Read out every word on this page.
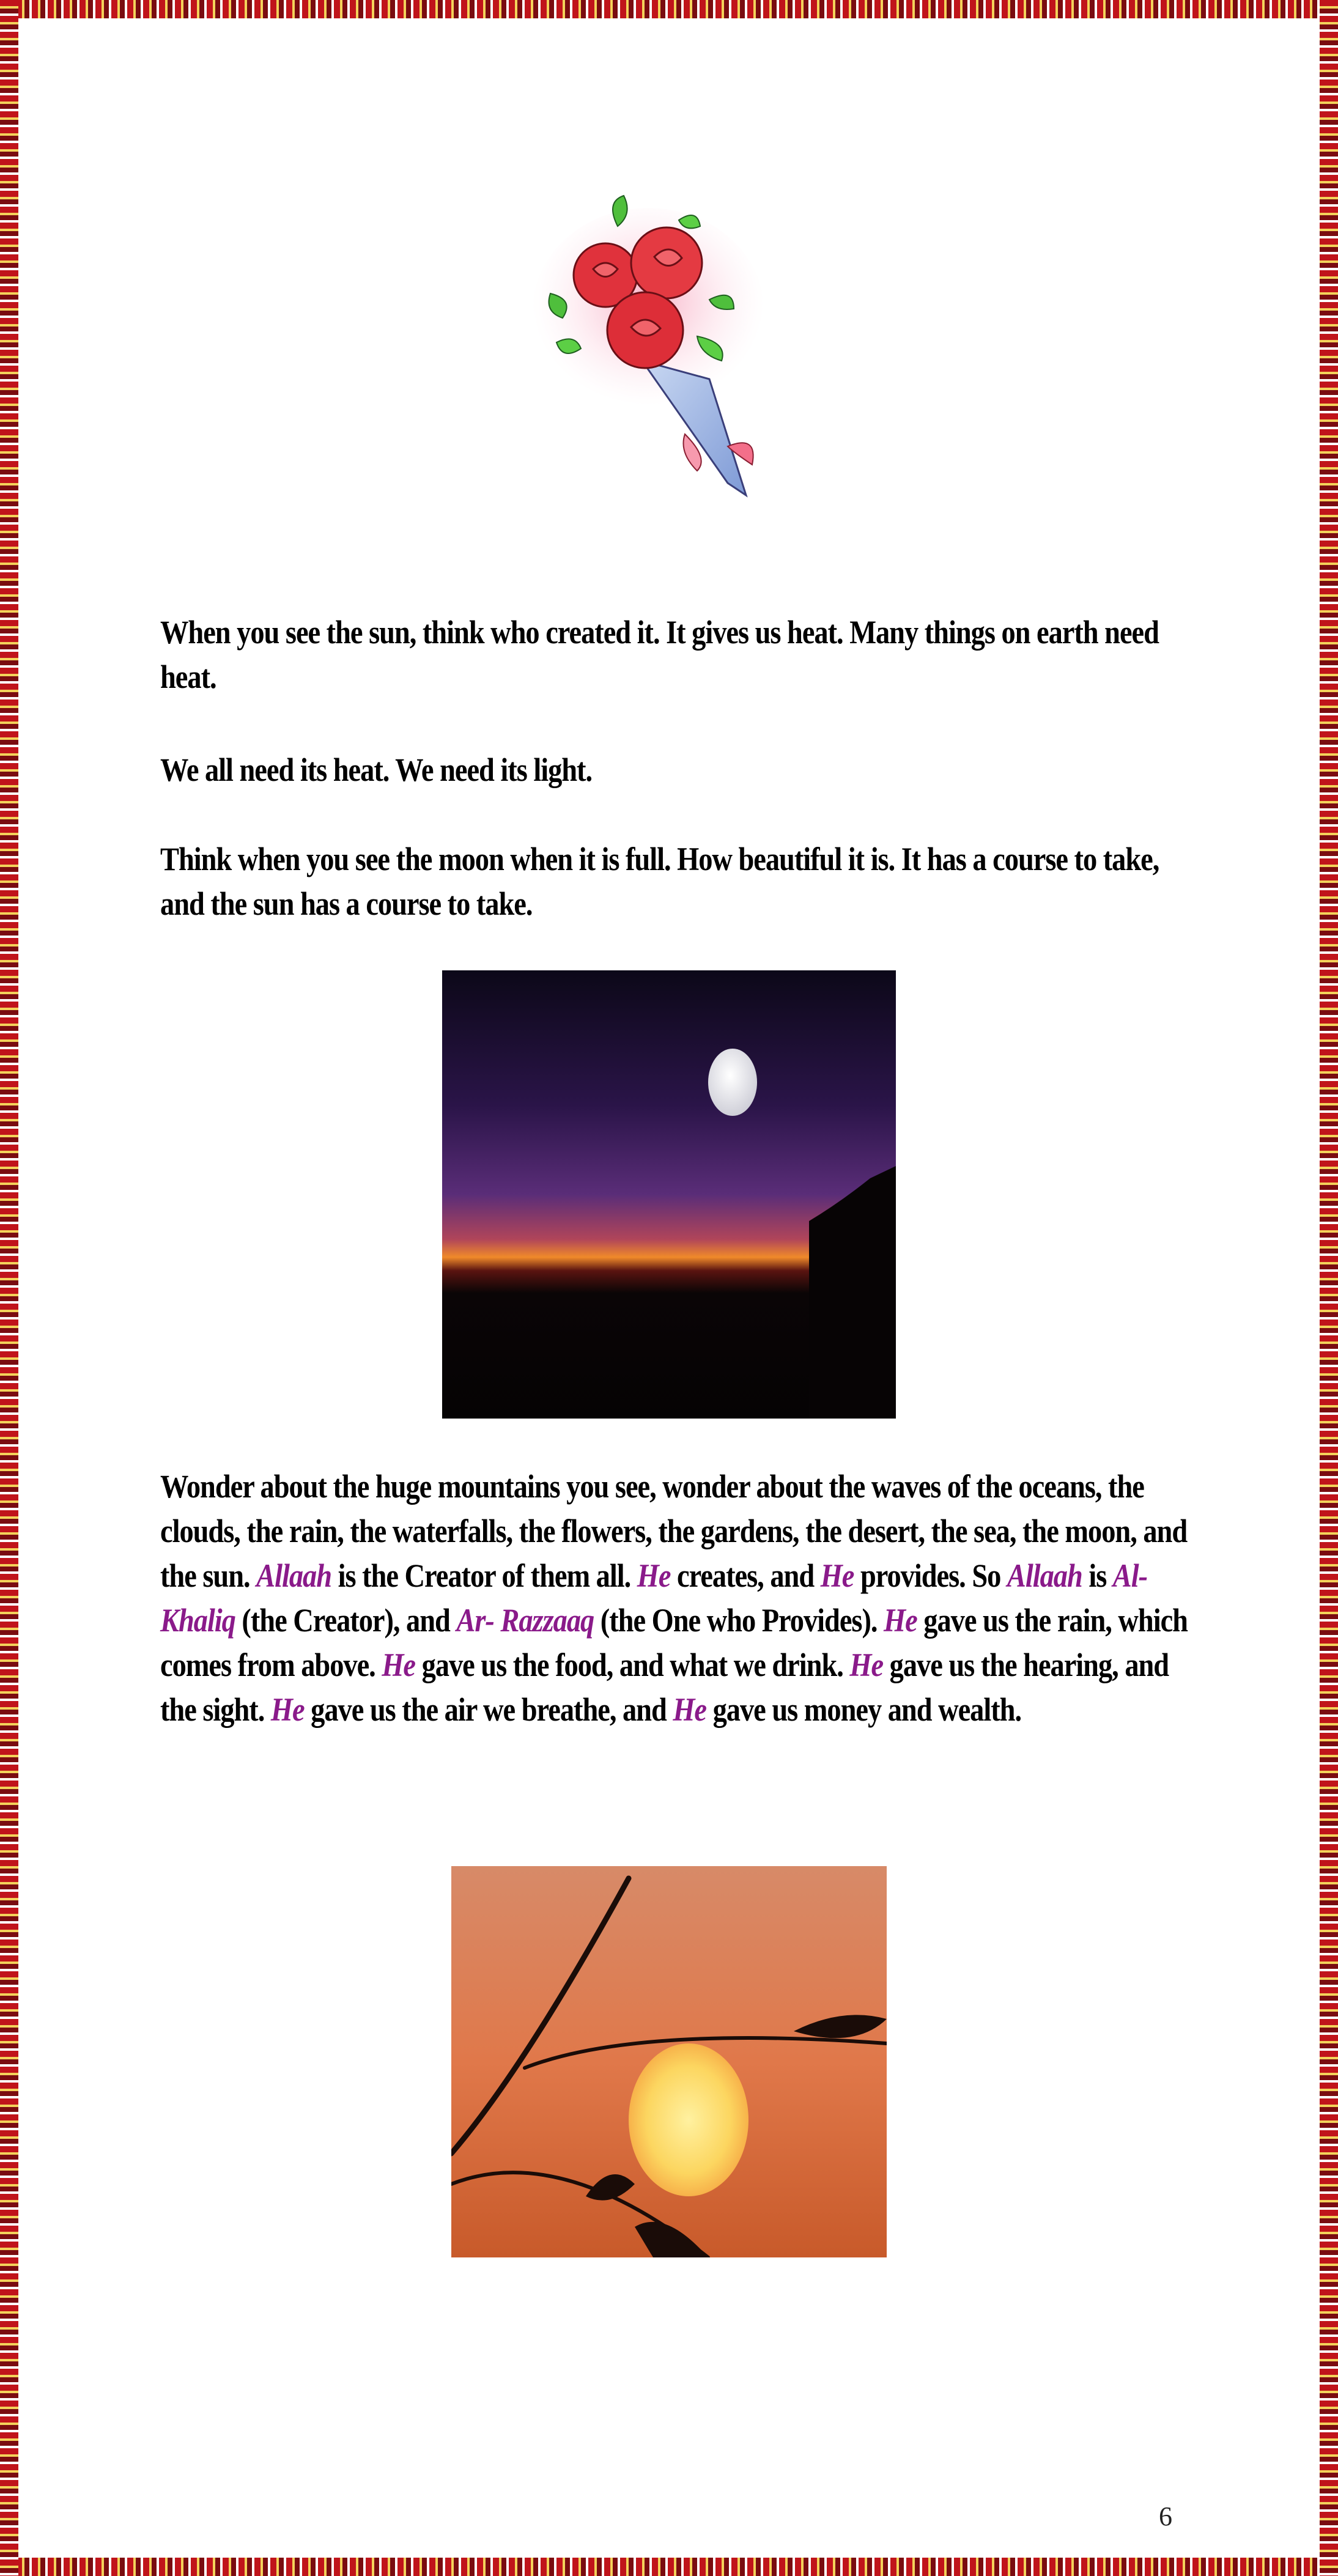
When you see the sun, think who created it. It gives us heat. Many things on earth need heat.

We all need its heat. We need its light.

Think when you see the moon when it is full. How beautiful it is. It has a course to take, and the sun has a course to take.

Wonder about the huge mountains you see, wonder about the waves of the oceans, the clouds, the rain, the waterfalls, the flowers, the gardens, the desert, the sea, the moon, and the sun. Allaah is the Creator of them all. He creates, and He provides. So Allaah is Al-Khaliq (the Creator), and Ar- Razzaaq (the One who Provides). He gave us the rain, which comes from above. He gave us the food, and what we drink. He gave us the hearing, and the sight. He gave us the air we breathe, and He gave us money and wealth.

6
